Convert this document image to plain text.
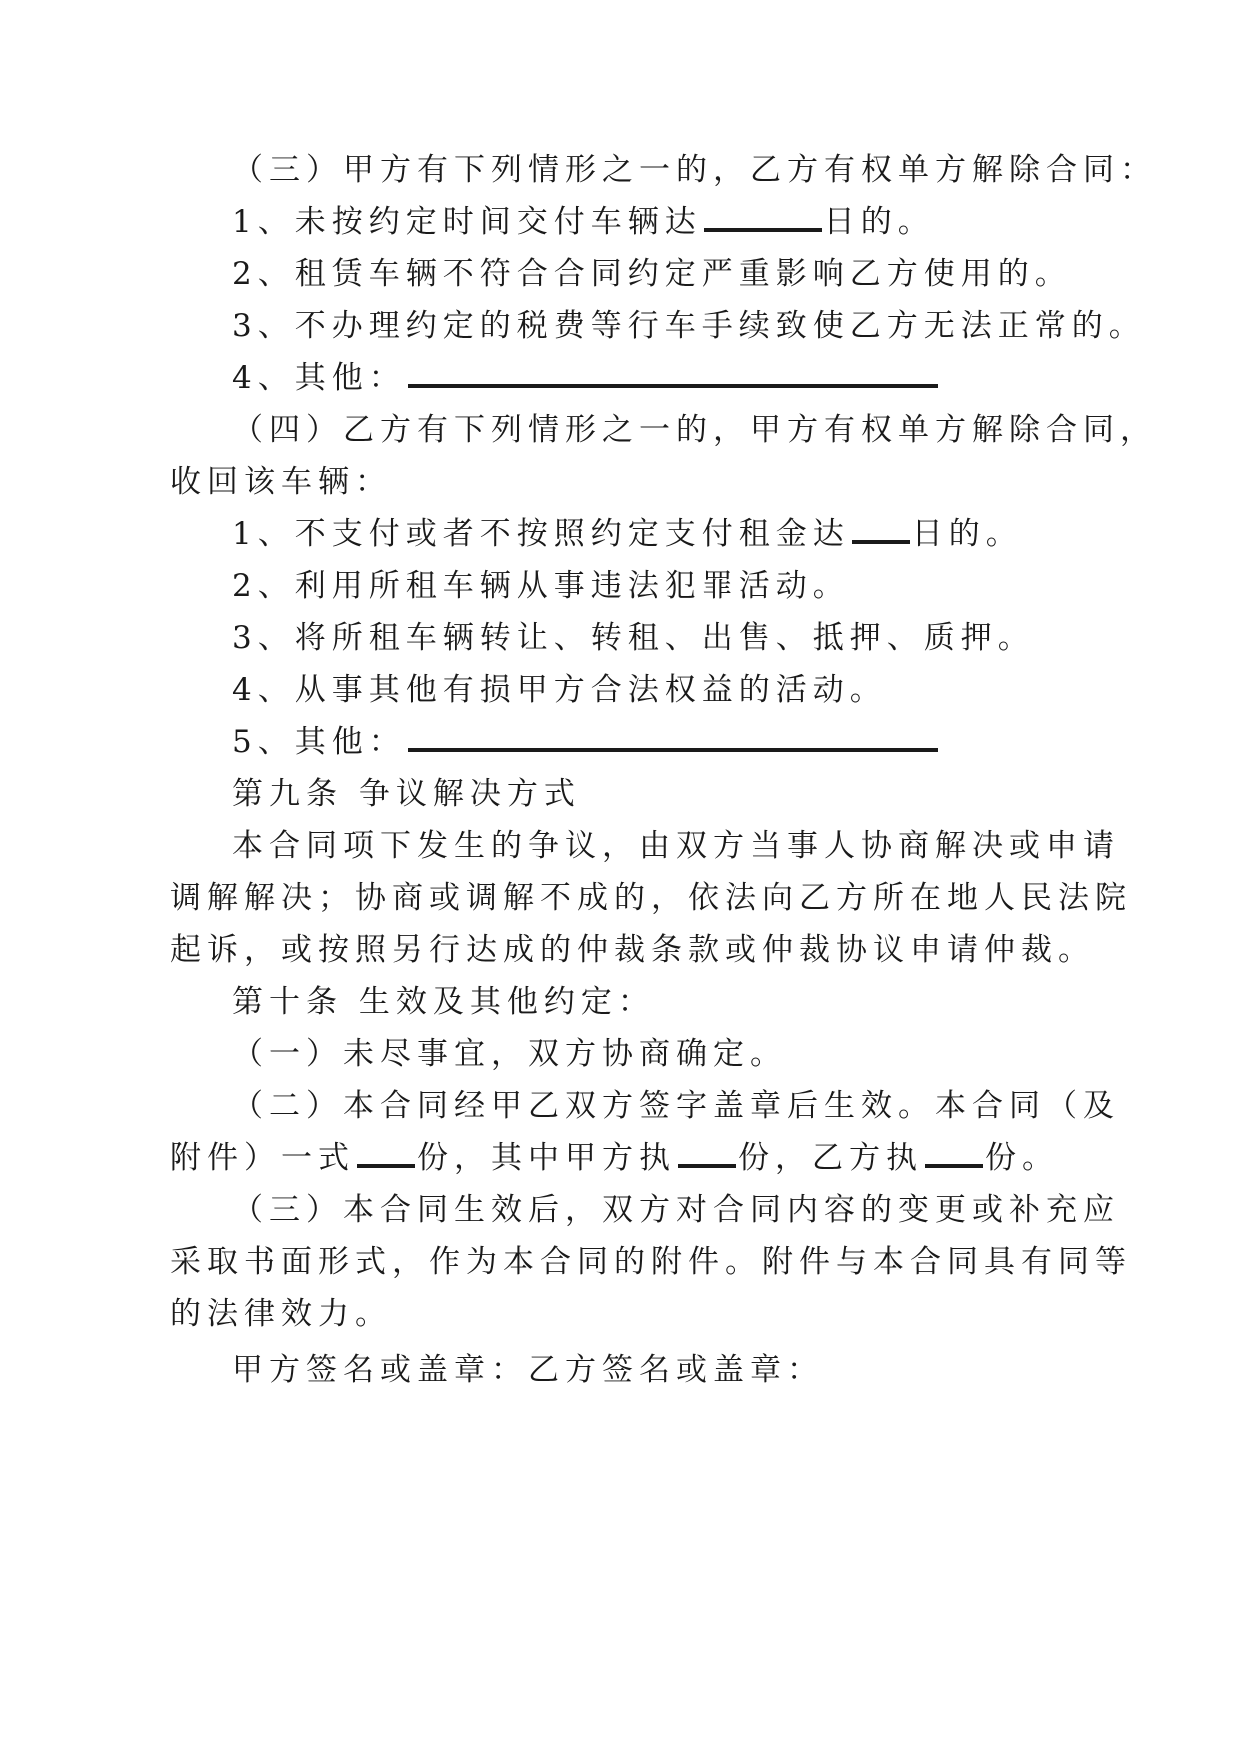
（三）甲方有下列情形之一的，乙方有权单方解除合同：
1、未按约定时间交付车辆达	日的。
2、租赁车辆不符合合同约定严重影响乙方使用的。
3、不办理约定的税费等行车手续致使乙方无法正常的。
4、其他：
（四）乙方有下列情形之一的，甲方有权单方解除合同，
收回该车辆：
1、不支付或者不按照约定支付租金达 日的。
2、利用所租车辆从事违法犯罪活动。
3、将所租车辆转让、转租、出售、抵押、质押。
4、从事其他有损甲方合法权益的活动。
5、其他：
第九条 争议解决方式
本合同项下发生的争议，由双方当事人协商解决或申请
调解解决；协商或调解不成的，依法向乙方所在地人民法院
起诉，或按照另行达成的仲裁条款或仲裁协议申请仲裁。
第十条 生效及其他约定：
（一）未尽事宜，双方协商确定。
（二）本合同经甲乙双方签字盖章后生效。本合同（及
附件）一式 份，其中甲方执 份，乙方执 份。
（三）本合同生效后，双方对合同内容的变更或补充应
采取书面形式，作为本合同的附件。附件与本合同具有同等
的法律效力。
甲方签名或盖章：乙方签名或盖章：
